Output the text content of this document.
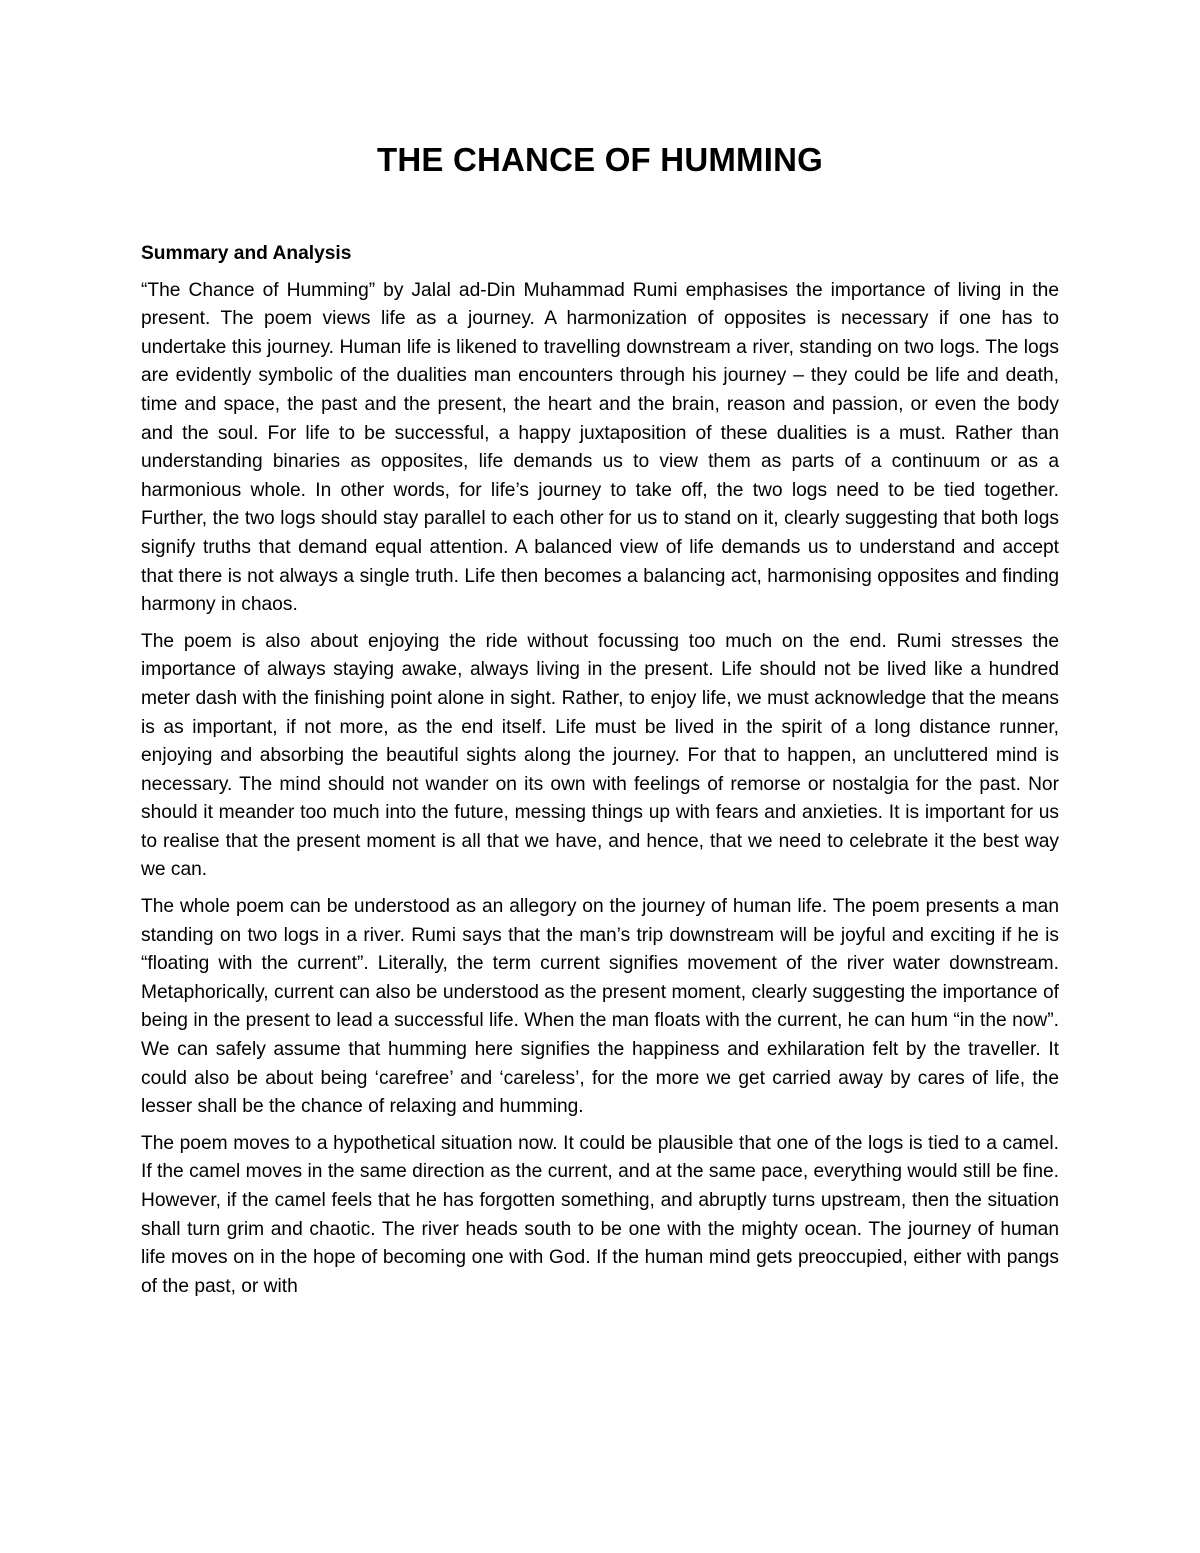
THE CHANCE OF HUMMING

Summary and Analysis

“The Chance of Humming” by Jalal ad-Din Muhammad Rumi emphasises the importance of living in the present. The poem views life as a journey. A harmonization of opposites is necessary if one has to undertake this journey. Human life is likened to travelling downstream a river, standing on two logs. The logs are evidently symbolic of the dualities man encounters through his journey – they could be life and death, time and space, the past and the present, the heart and the brain, reason and passion, or even the body and the soul. For life to be successful, a happy juxtaposition of these dualities is a must. Rather than understanding binaries as opposites, life demands us to view them as parts of a continuum or as a harmonious whole. In other words, for life’s journey to take off, the two logs need to be tied together. Further, the two logs should stay parallel to each other for us to stand on it, clearly suggesting that both logs signify truths that demand equal attention. A balanced view of life demands us to understand and accept that there is not always a single truth. Life then becomes a balancing act, harmonising opposites and finding harmony in chaos.

The poem is also about enjoying the ride without focussing too much on the end. Rumi stresses the importance of always staying awake, always living in the present. Life should not be lived like a hundred meter dash with the finishing point alone in sight. Rather, to enjoy life, we must acknowledge that the means is as important, if not more, as the end itself. Life must be lived in the spirit of a long distance runner, enjoying and absorbing the beautiful sights along the journey. For that to happen, an uncluttered mind is necessary. The mind should not wander on its own with feelings of remorse or nostalgia for the past. Nor should it meander too much into the future, messing things up with fears and anxieties. It is important for us to realise that the present moment is all that we have, and hence, that we need to celebrate it the best way we can.

The whole poem can be understood as an allegory on the journey of human life. The poem presents a man standing on two logs in a river. Rumi says that the man’s trip downstream will be joyful and exciting if he is “floating with the current”. Literally, the term current signifies movement of the river water downstream. Metaphorically, current can also be understood as the present moment, clearly suggesting the importance of being in the present to lead a successful life. When the man floats with the current, he can hum “in the now”. We can safely assume that humming here signifies the happiness and exhilaration felt by the traveller. It could also be about being ‘carefree’ and ‘careless’, for the more we get carried away by cares of life, the lesser shall be the chance of relaxing and humming.

The poem moves to a hypothetical situation now. It could be plausible that one of the logs is tied to a camel. If the camel moves in the same direction as the current, and at the same pace, everything would still be fine. However, if the camel feels that he has forgotten something, and abruptly turns upstream, then the situation shall turn grim and chaotic. The river heads south to be one with the mighty ocean. The journey of human life moves on in the hope of becoming one with God. If the human mind gets preoccupied, either with pangs of the past, or with
